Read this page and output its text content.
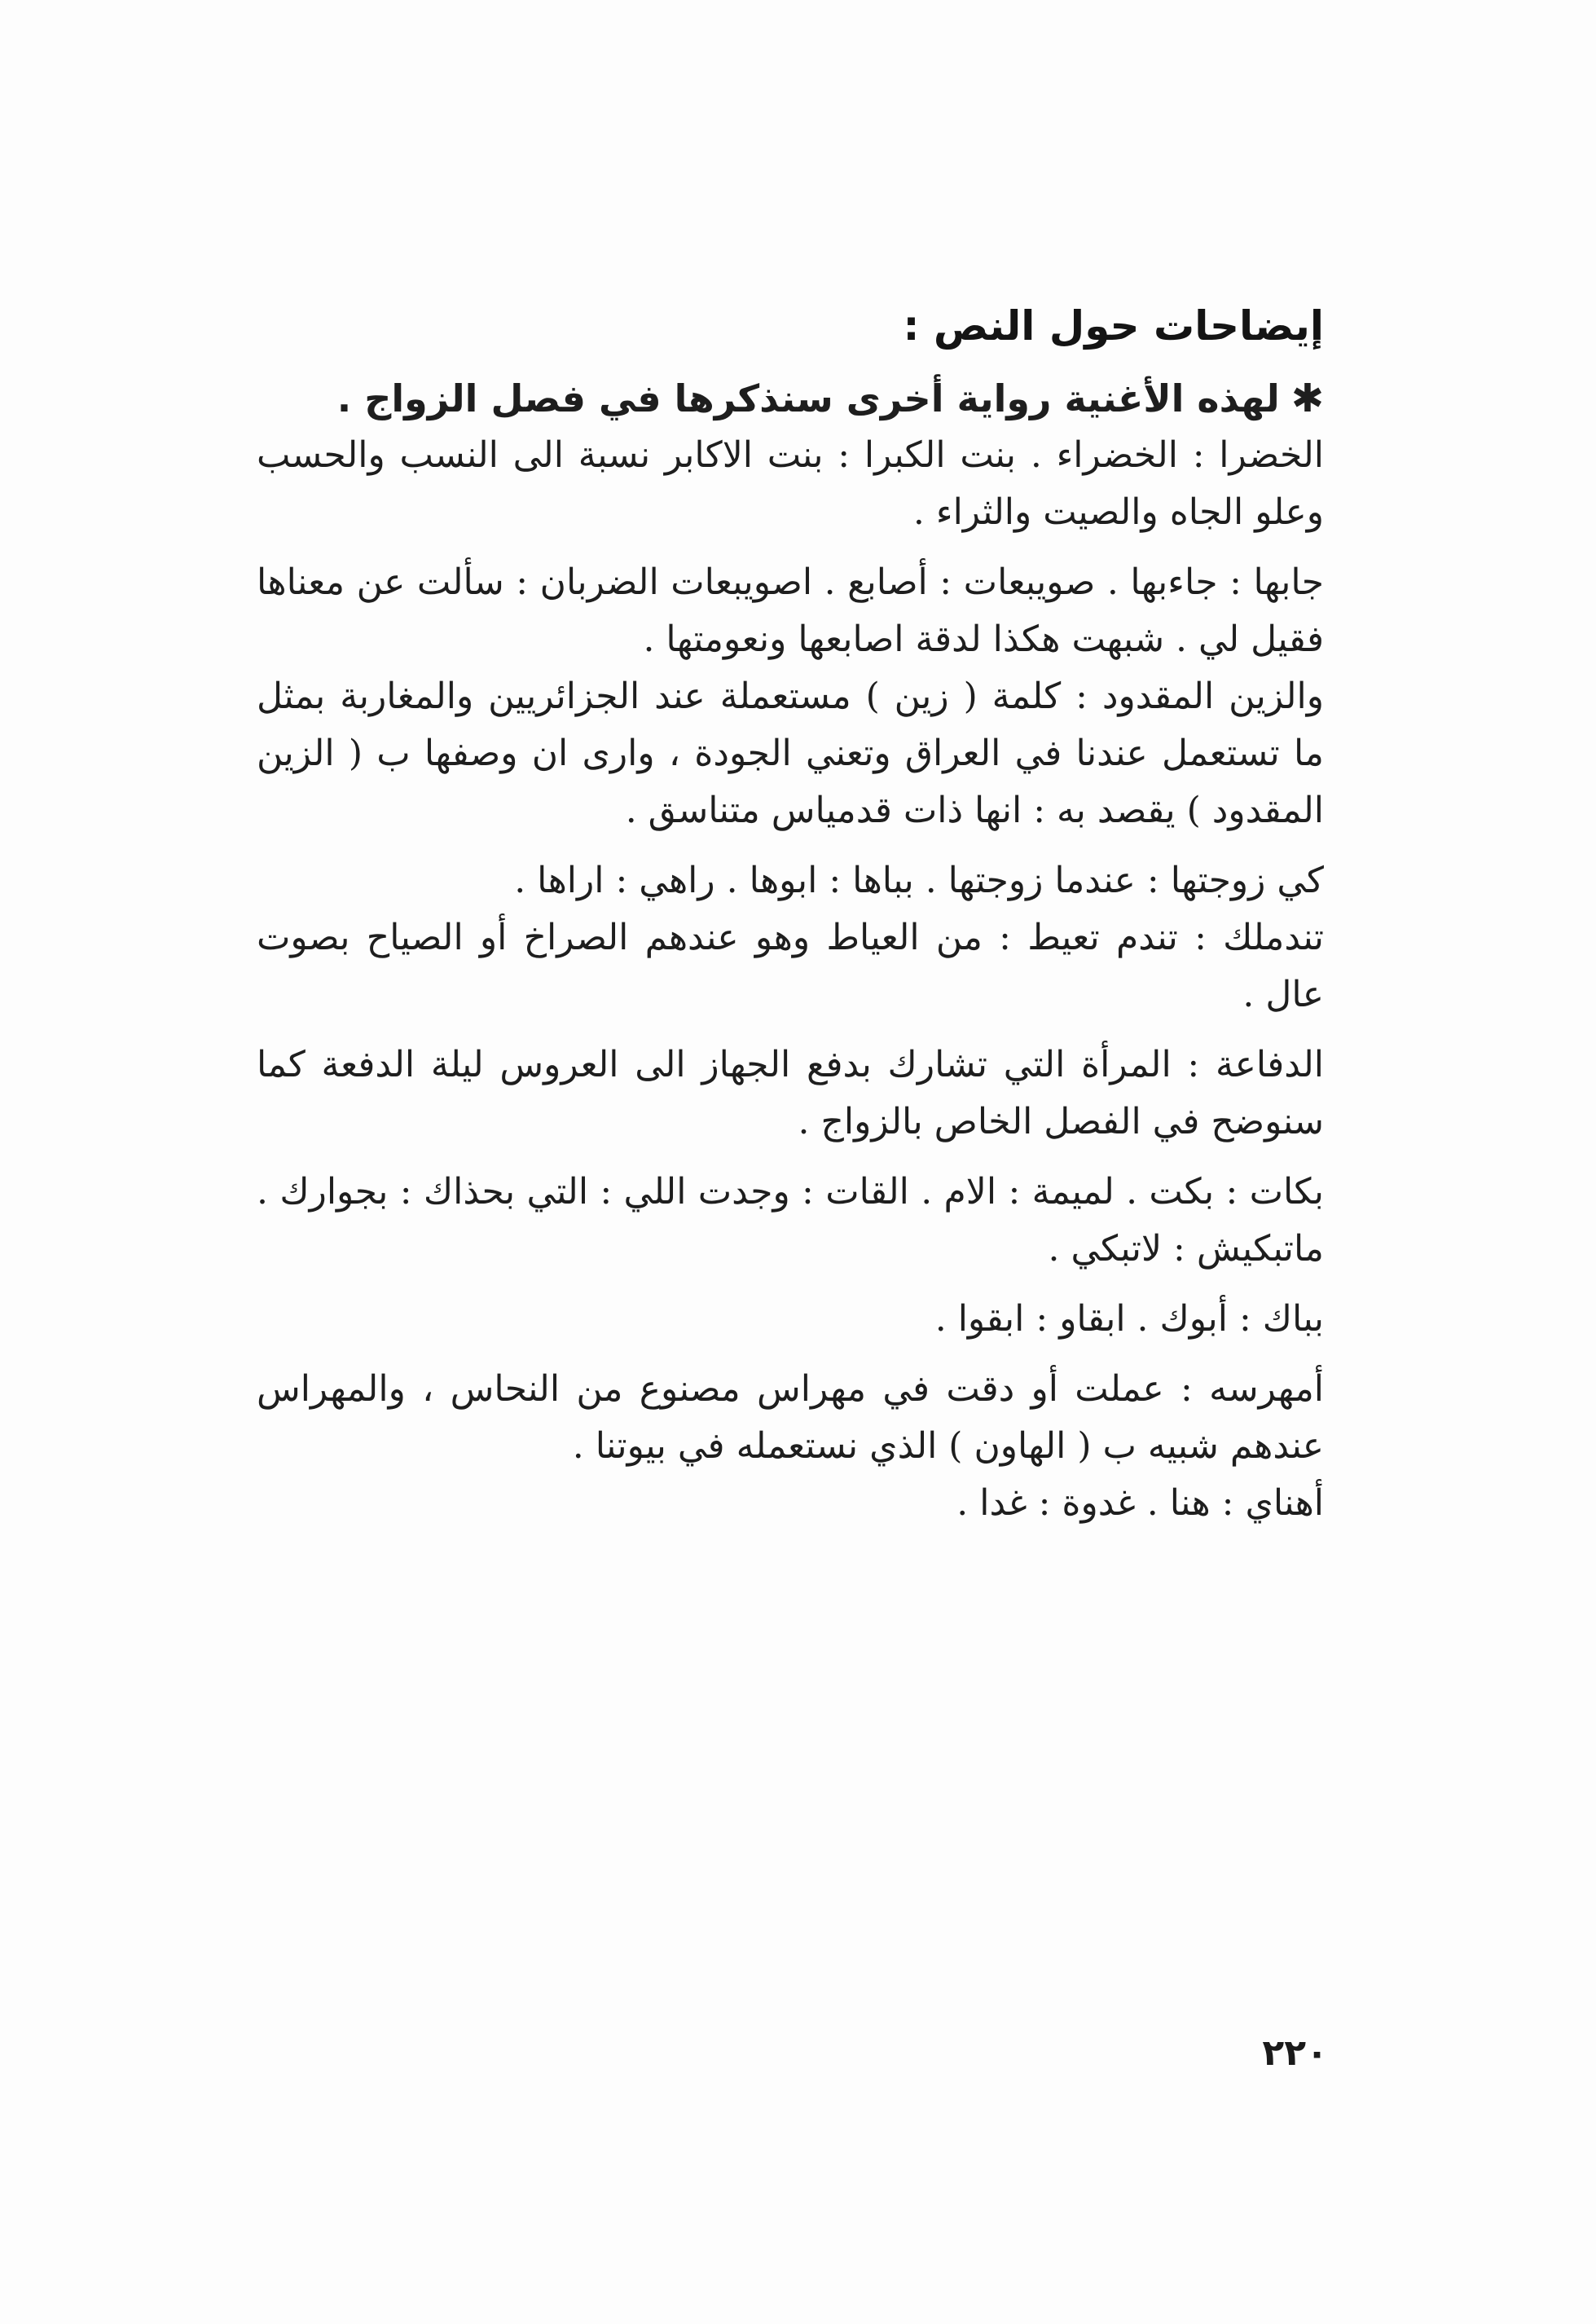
إيضاحات حول النص :

✱لهذه الأغنية رواية أخرى سنذكرها في فصل الزواج .

الخضرا : الخضراء . بنت الكبرا : بنت الاكابر نسبة الى النسب والحسب وعلو الجاه والصيت والثراء .

جابها : جاءبها . صويبعات : أصابع . اصويبعات الضربان : سألت عن معناها فقيل لي . شبهت هكذا لدقة اصابعها ونعومتها .

والزين المقدود : كلمة ( زين ) مستعملة عند الجزائريين والمغاربة بمثل ما تستعمل عندنا في العراق وتعني الجودة ، وارى ان وصفها ب ( الزين المقدود ) يقصد به : انها ذات قدمياس متناسق .

كي زوجتها : عندما زوجتها . بباها : ابوها . راهي : اراها .

تندملك : تندم تعيط : من العياط وهو عندهم الصراخ أو الصياح بصوت عال .

الدفاعة : المرأة التي تشارك بدفع الجهاز الى العروس ليلة الدفعة كما سنوضح في الفصل الخاص بالزواج .

بكات : بكت . لميمة : الام . القات : وجدت اللي : التي بحذاك : بجوارك . ماتبكيش : لاتبكي .

بباك : أبوك . ابقاو : ابقوا .

أمهرسه : عملت أو دقت في مهراس مصنوع من النحاس ، والمهراس عندهم شبيه ب ( الهاون ) الذي نستعمله في بيوتنا .

أهناي : هنا . غدوة : غدا .

٢٢٠
